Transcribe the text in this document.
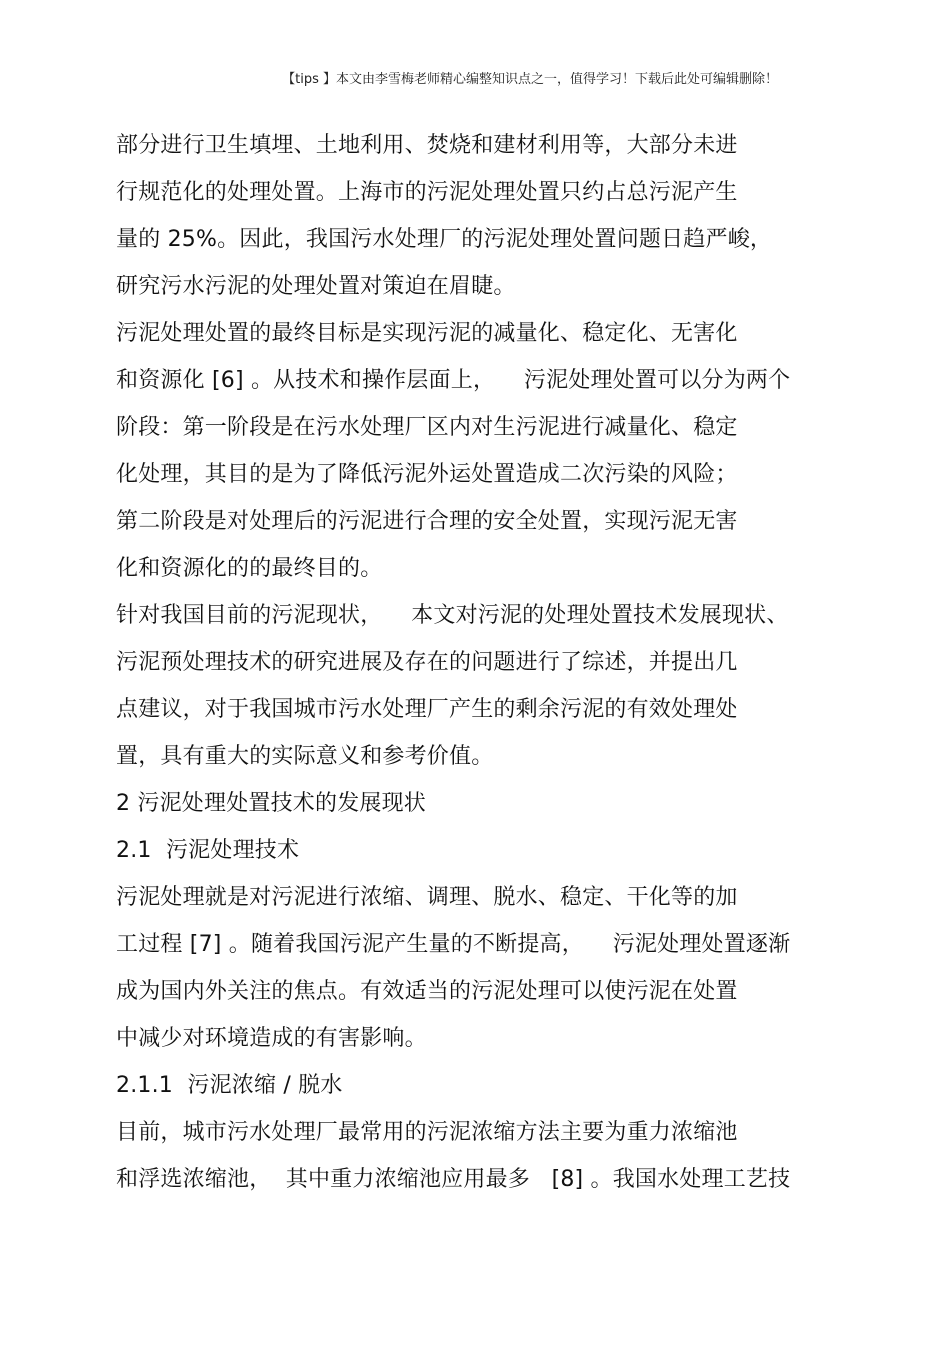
【tips 】本文由李雪梅老师精心编整知识点之一，值得学习！下载后此处可编辑删除！
部分进行卫生填埋、土地利用、焚烧和建材利用等，大部分未进
行规范化的处理处置。上海市的污泥处理处置只约占总污泥产生
量的 25%。因此，我国污水处理厂的污泥处理处置问题日趋严峻，
研究污水污泥的处理处置对策迫在眉睫。
污泥处理处置的最终目标是实现污泥的减量化、稳定化、无害化
和资源化 [6] 。从技术和操作层面上，    污泥处理处置可以分为两个
阶段：第一阶段是在污水处理厂区内对生污泥进行减量化、稳定
化处理，其目的是为了降低污泥外运处置造成二次污染的风险；
第二阶段是对处理后的污泥进行合理的安全处置，实现污泥无害
化和资源化的的最终目的。
针对我国目前的污泥现状，    本文对污泥的处理处置技术发展现状、
污泥预处理技术的研究进展及存在的问题进行了综述，并提出几
点建议，对于我国城市污水处理厂产生的剩余污泥的有效处理处
置，具有重大的实际意义和参考价值。
2 污泥处理处置技术的发展现状
2.1  污泥处理技术
污泥处理就是对污泥进行浓缩、调理、脱水、稳定、干化等的加
工过程 [7] 。随着我国污泥产生量的不断提高，    污泥处理处置逐渐
成为国内外关注的焦点。有效适当的污泥处理可以使污泥在处置
中减少对环境造成的有害影响。
2.1.1  污泥浓缩 / 脱水
目前，城市污水处理厂最常用的污泥浓缩方法主要为重力浓缩池
和浮选浓缩池，  其中重力浓缩池应用最多   [8] 。我国水处理工艺技
